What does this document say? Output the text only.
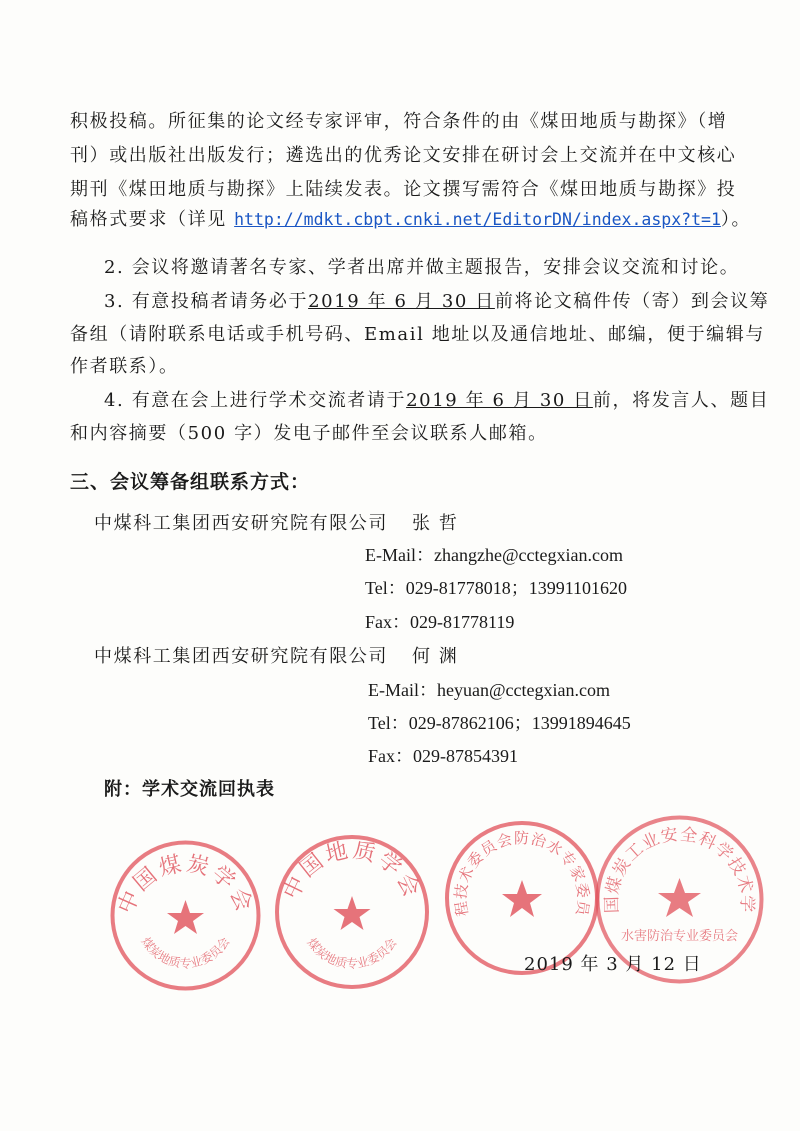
积极投稿。所征集的论文经专家评审，符合条件的由《煤田地质与勘探》（增
刊）或出版社出版发行；遴选出的优秀论文安排在研讨会上交流并在中文核心
期刊《煤田地质与勘探》上陆续发表。论文撰写需符合《煤田地质与勘探》投
稿格式要求（详见 http://mdkt.cbpt.cnki.net/EditorDN/index.aspx?t=1）。
2. 会议将邀请著名专家、学者出席并做主题报告，安排会议交流和讨论。
3. 有意投稿者请务必于2019 年 6 月 30 日前将论文稿件传（寄）到会议筹
备组（请附联系电话或手机号码、Email 地址以及通信地址、邮编，便于编辑与
作者联系）。
4. 有意在会上进行学术交流者请于2019 年 6 月 30 日前，将发言人、题目
和内容摘要（500 字）发电子邮件至会议联系人邮箱。
三、会议筹备组联系方式：
中煤科工集团西安研究院有限公司 张 哲
E-Mail：zhangzhe@cctegxian.com
Tel：029-81778018；13991101620
Fax：029-81778119
中煤科工集团西安研究院有限公司 何 渊
E-Mail：heyuan@cctegxian.com
Tel：029-87862106；13991894645
Fax：029-87854391
附：学术交流回执表
中国煤炭学会
煤炭地质专业委员会
中国地质学会
煤炭地质专业委员会
工程技术委员会防治水专家委员会	中国煤炭工业安全科学技术学会
水害防治专业委员会
2019 年 3 月 12 日
